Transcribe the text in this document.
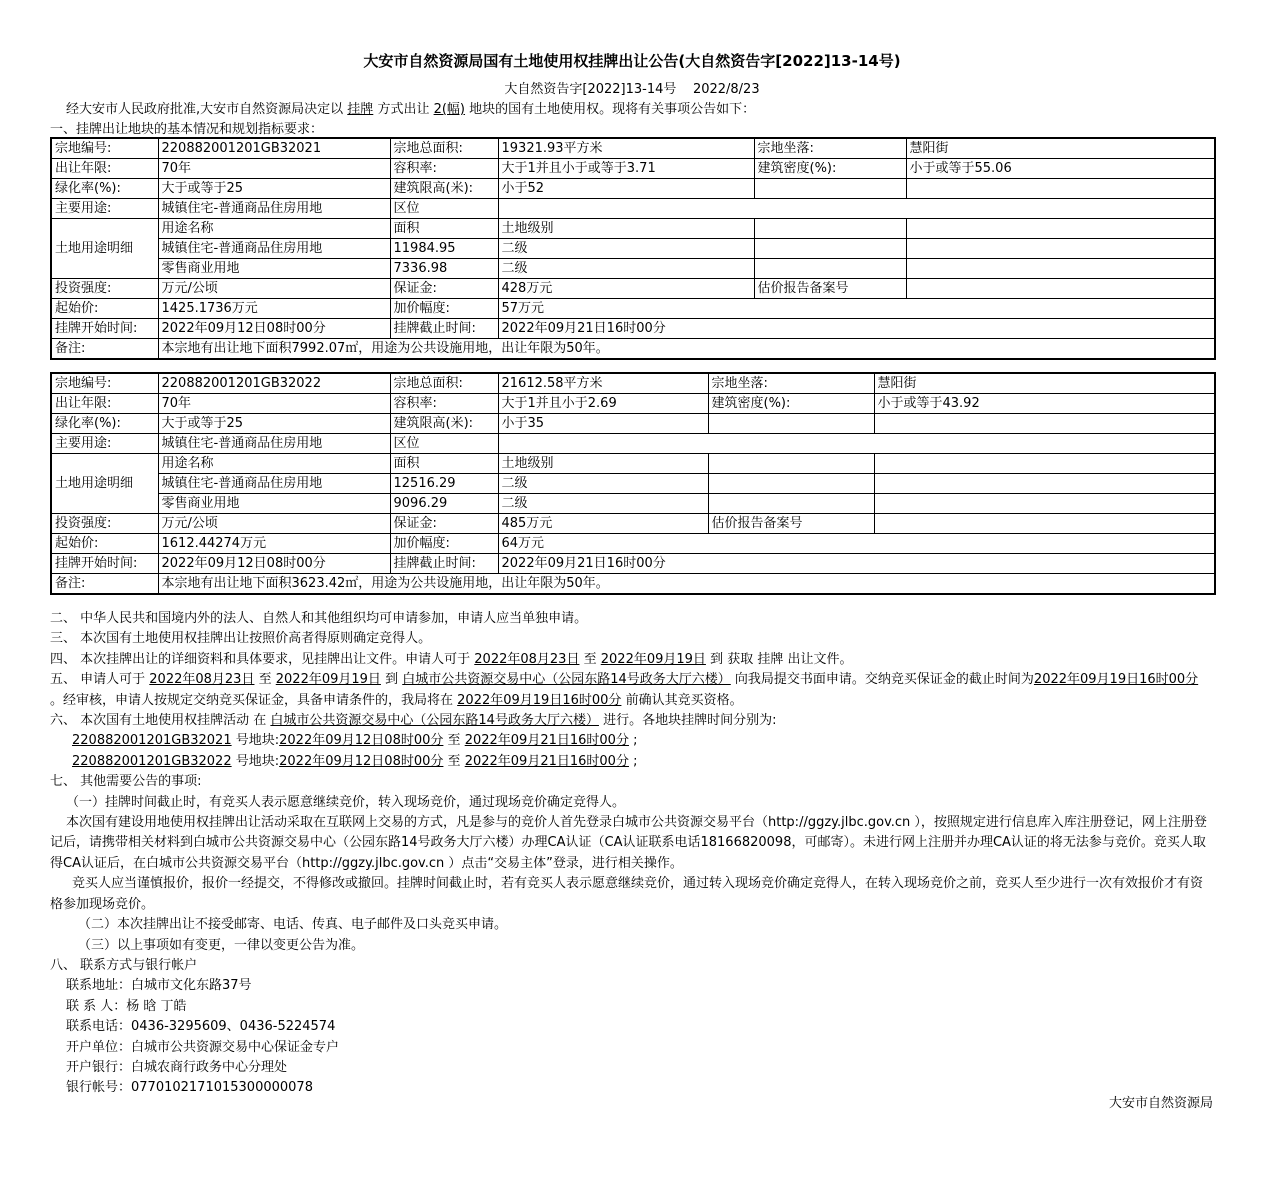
大安市自然资源局国有土地使用权挂牌出让公告(大自然资告字[2022]13-14号)
大自然资告字[2022]13-14号 2022/8/23
经大安市人民政府批准,大安市自然资源局决定以 挂牌 方式出让 2(幅) 地块的国有土地使用权。现将有关事项公告如下：
一、挂牌出让地块的基本情况和规划指标要求：
宗地编号:	220882001201GB32021	宗地总面积:	19321.93平方米	宗地坐落:	慧阳街
出让年限:	70年	容积率:	大于1并且小于或等于3.71	建筑密度(%):	小于或等于55.06
绿化率(%):	大于或等于25	建筑限高(米):	小于52		
主要用途:	城镇住宅-普通商品住房用地	区位			
土地用途明细	用途名称	面积	土地级别		
	城镇住宅-普通商品住房用地	11984.95	二级		
	零售商业用地	7336.98	二级		
投资强度:	万元/公顷	保证金:	428万元	估价报告备案号	
起始价:	1425.1736万元	加价幅度:	57万元		
挂牌开始时间:	2022年09月12日08时00分	挂牌截止时间:	2022年09月21日16时00分		
备注:	本宗地有出让地下面积7992.07㎡，用途为公共设施用地，出让年限为50年。				
宗地编号:	220882001201GB32022	宗地总面积:	21612.58平方米	宗地坐落:	慧阳街
出让年限:	70年	容积率:	大于1并且小于2.69	建筑密度(%):	小于或等于43.92
绿化率(%):	大于或等于25	建筑限高(米):	小于35		
主要用途:	城镇住宅-普通商品住房用地	区位			
土地用途明细	用途名称	面积	土地级别		
	城镇住宅-普通商品住房用地	12516.29	二级		
	零售商业用地	9096.29	二级		
投资强度:	万元/公顷	保证金:	485万元	估价报告备案号	
起始价:	1612.44274万元	加价幅度:	64万元		
挂牌开始时间:	2022年09月12日08时00分	挂牌截止时间:	2022年09月21日16时00分		
备注:	本宗地有出让地下面积3623.42㎡，用途为公共设施用地，出让年限为50年。				

二、 中华人民共和国境内外的法人、自然人和其他组织均可申请参加，申请人应当单独申请。

三、 本次国有土地使用权挂牌出让按照价高者得原则确定竞得人。

四、 本次挂牌出让的详细资料和具体要求，见挂牌出让文件。申请人可于 2022年08月23日 至 2022年09月19日 到 获取 挂牌 出让文件。

五、 申请人可于 2022年08月23日 至 2022年09月19日 到 白城市公共资源交易中心（公园东路14号政务大厅六楼） 向我局提交书面申请。交纳竞买保证金的截止时间为2022年09月19日16时00分 。经审核，申请人按规定交纳竞买保证金，具备申请条件的，我局将在 2022年09月19日16时00分 前确认其竞买资格。

六、 本次国有土地使用权挂牌活动 在 白城市公共资源交易中心（公园东路14号政务大厅六楼） 进行。各地块挂牌时间分别为:

220882001201GB32021 号地块:2022年09月12日08时00分 至 2022年09月21日16时00分 ;

220882001201GB32022 号地块:2022年09月12日08时00分 至 2022年09月21日16时00分 ;

七、 其他需要公告的事项:

（一）挂牌时间截止时，有竞买人表示愿意继续竞价，转入现场竞价，通过现场竞价确定竞得人。

本次国有建设用地使用权挂牌出让活动采取在互联网上交易的方式，凡是参与的竞价人首先登录白城市公共资源交易平台（http://ggzy.jlbc.gov.cn ），按照规定进行信息库入库注册登记，网上注册登记后，请携带相关材料到白城市公共资源交易中心（公园东路14号政务大厅六楼）办理CA认证（CA认证联系电话18166820098，可邮寄）。未进行网上注册并办理CA认证的将无法参与竞价。竞买人取得CA认证后，在白城市公共资源交易平台（http://ggzy.jlbc.gov.cn ）点击“交易主体”登录，进行相关操作。

竞买人应当谨慎报价，报价一经提交，不得修改或撤回。挂牌时间截止时，若有竞买人表示愿意继续竞价，通过转入现场竞价确定竞得人，在转入现场竞价之前，竞买人至少进行一次有效报价才有资格参加现场竞价。

（二）本次挂牌出让不接受邮寄、电话、传真、电子邮件及口头竞买申请。

（三）以上事项如有变更，一律以变更公告为准。

八、 联系方式与银行帐户

联系地址：白城市文化东路37号

联 系 人：杨 晗 丁皓

联系电话：0436-3295609、0436-5224574

开户单位：白城市公共资源交易中心保证金专户

开户银行：白城农商行政务中心分理处

银行帐号：07701021710153000000​78

大安市自然资源局
